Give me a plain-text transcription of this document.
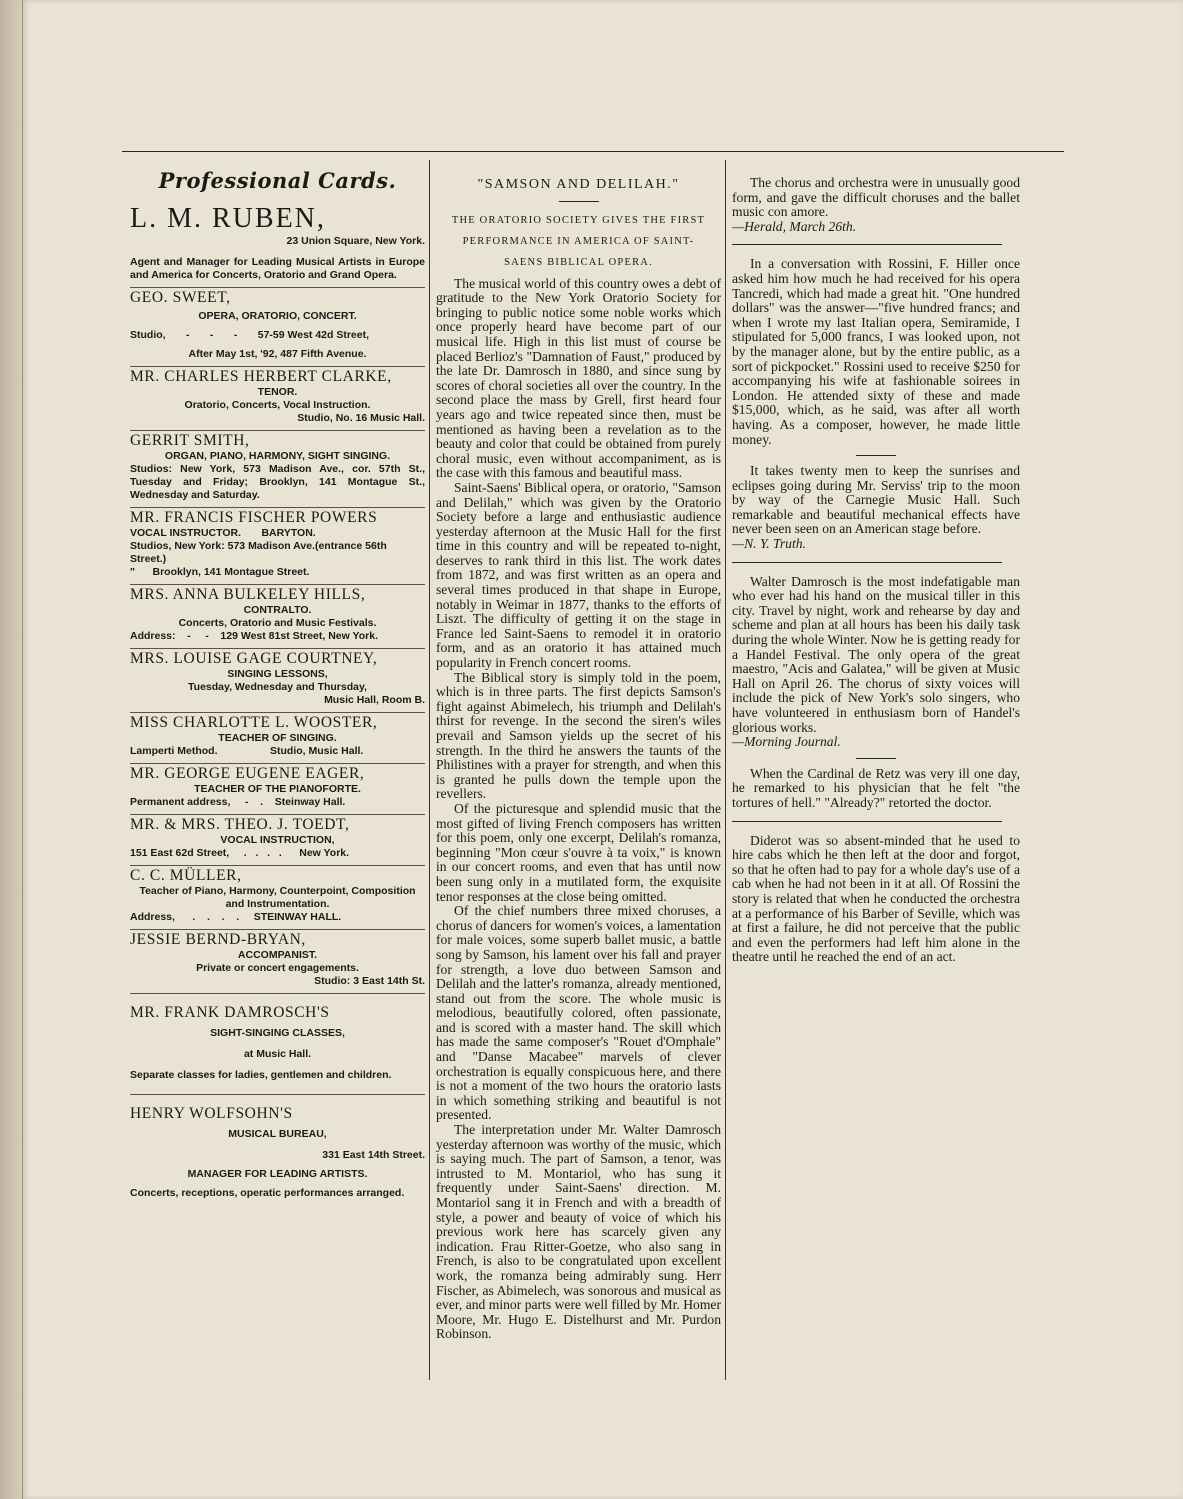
Professional Cards.
L. M. RUBEN,
23 Union Square, New York.
Agent and Manager for Leading Musical Artists in Europe and America for Concerts, Oratorio and Grand Opera.
GEO. SWEET,
OPERA, ORATORIO, CONCERT.
Studio,       -       -       -       57-59 West 42d Street,
After May 1st, '92, 487 Fifth Avenue.
MR. CHARLES HERBERT CLARKE,
TENOR.
Oratorio, Concerts, Vocal Instruction.
Studio, No. 16 Music Hall.
GERRIT SMITH,
ORGAN, PIANO, HARMONY, SIGHT SINGING.
Studios: New York, 573 Madison Ave., cor. 57th St., Tuesday and Friday; Brooklyn, 141 Montague St., Wednesday and Saturday.
MR. FRANCIS FISCHER POWERS
VOCAL INSTRUCTOR.       BARYTON.
Studios, New York: 573 Madison Ave.(entrance 56th Street.)
"      Brooklyn, 141 Montague Street.
MRS. ANNA BULKELEY HILLS,
CONTRALTO.
Concerts, Oratorio and Music Festivals.
Address:    -     -    129 West 81st Street, New York.
MRS. LOUISE GAGE COURTNEY,
SINGING LESSONS,
Tuesday, Wednesday and Thursday,
Music Hall, Room B.
MISS CHARLOTTE L. WOOSTER,
TEACHER OF SINGING.
Lamperti Method.                  Studio, Music Hall.
MR. GEORGE EUGENE EAGER,
TEACHER OF THE PIANOFORTE.
Permanent address,     -    .    Steinway Hall.
MR. & MRS. THEO. J. TOEDT,
VOCAL INSTRUCTION,
151 East 62d Street,     .   .   .   .      New York.
C. C. MÜLLER,
Teacher of Piano, Harmony, Counterpoint, Composition and Instrumentation.
Address,      .    .    .    .     STEINWAY HALL.
JESSIE BERND-BRYAN,
ACCOMPANIST.
Private or concert engagements.
Studio: 3 East 14th St.
MR. FRANK DAMROSCH'S
SIGHT-SINGING CLASSES,
at Music Hall.
Separate classes for ladies, gentlemen and children.
HENRY WOLFSOHN'S
MUSICAL BUREAU,
331 East 14th Street.
MANAGER FOR LEADING ARTISTS.
Concerts, receptions, operatic performances arranged.

"SAMSON AND DELILAH."

THE ORATORIO SOCIETY GIVES THE FIRST PERFORMANCE IN AMERICA OF SAINT-SAENS BIBLICAL OPERA.

The musical world of this country owes a debt of gratitude to the New York Oratorio Society for bringing to public notice some noble works which once properly heard have become part of our musical life. High in this list must of course be placed Berlioz's "Damnation of Faust," produced by the late Dr. Damrosch in 1880, and since sung by scores of choral societies all over the country. In the second place the mass by Grell, first heard four years ago and twice repeated since then, must be mentioned as having been a revelation as to the beauty and color that could be obtained from purely choral music, even without accompaniment, as is the case with this famous and beautiful mass.

Saint-Saens' Biblical opera, or oratorio, "Samson and Delilah," which was given by the Oratorio Society before a large and enthusiastic audience yesterday afternoon at the Music Hall for the first time in this country and will be repeated to-night, deserves to rank third in this list. The work dates from 1872, and was first written as an opera and several times produced in that shape in Europe, notably in Weimar in 1877, thanks to the efforts of Liszt. The difficulty of getting it on the stage in France led Saint-Saens to remodel it in oratorio form, and as an oratorio it has attained much popularity in French concert rooms.

The Biblical story is simply told in the poem, which is in three parts. The first depicts Samson's fight against Abimelech, his triumph and Delilah's thirst for revenge. In the second the siren's wiles prevail and Samson yields up the secret of his strength. In the third he answers the taunts of the Philistines with a prayer for strength, and when this is granted he pulls down the temple upon the revellers.

Of the picturesque and splendid music that the most gifted of living French composers has written for this poem, only one excerpt, Delilah's romanza, beginning "Mon cœur s'ouvre à ta voix," is known in our concert rooms, and even that has until now been sung only in a mutilated form, the exquisite tenor responses at the close being omitted.

Of the chief numbers three mixed choruses, a chorus of dancers for women's voices, a lamentation for male voices, some superb ballet music, a battle song by Samson, his lament over his fall and prayer for strength, a love duo between Samson and Delilah and the latter's romanza, already mentioned, stand out from the score. The whole music is melodious, beautifully colored, often passionate, and is scored with a master hand. The skill which has made the same composer's "Rouet d'Omphale" and "Danse Macabee" marvels of clever orchestration is equally conspicuous here, and there is not a moment of the two hours the oratorio lasts in which something striking and beautiful is not presented.

The interpretation under Mr. Walter Damrosch yesterday afternoon was worthy of the music, which is saying much. The part of Samson, a tenor, was intrusted to M. Montariol, who has sung it frequently under Saint-Saens' direction. M. Montariol sang it in French and with a breadth of style, a power and beauty of voice of which his previous work here has scarcely given any indication. Frau Ritter-Goetze, who also sang in French, is also to be congratulated upon excellent work, the romanza being admirably sung. Herr Fischer, as Abimelech, was sonorous and musical as ever, and minor parts were well filled by Mr. Homer Moore, Mr. Hugo E. Distelhurst and Mr. Purdon Robinson.

The chorus and orchestra were in unusually good form, and gave the difficult choruses and the ballet music con amore.

—Herald, March 26th.

In a conversation with Rossini, F. Hiller once asked him how much he had received for his opera Tancredi, which had made a great hit. "One hundred dollars" was the answer—"five hundred francs; and when I wrote my last Italian opera, Semiramide, I stipulated for 5,000 francs, I was looked upon, not by the manager alone, but by the entire public, as a sort of pickpocket." Rossini used to receive $250 for accompanying his wife at fashionable soirees in London. He attended sixty of these and made $15,000, which, as he said, was after all worth having. As a composer, however, he made little money.

It takes twenty men to keep the sunrises and eclipses going during Mr. Serviss' trip to the moon by way of the Carnegie Music Hall. Such remarkable and beautiful mechanical effects have never been seen on an American stage before.

—N. Y. Truth.

Walter Damrosch is the most indefatigable man who ever had his hand on the musical tiller in this city. Travel by night, work and rehearse by day and scheme and plan at all hours has been his daily task during the whole Winter. Now he is getting ready for a Handel Festival. The only opera of the great maestro, "Acis and Galatea," will be given at Music Hall on April 26. The chorus of sixty voices will include the pick of New York's solo singers, who have volunteered in enthusiasm born of Handel's glorious works.

—Morning Journal.

When the Cardinal de Retz was very ill one day, he remarked to his physician that he felt "the tortures of hell." "Already?" retorted the doctor.

Diderot was so absent-minded that he used to hire cabs which he then left at the door and forgot, so that he often had to pay for a whole day's use of a cab when he had not been in it at all. Of Rossini the story is related that when he conducted the orchestra at a performance of his Barber of Seville, which was at first a failure, he did not perceive that the public and even the performers had left him alone in the theatre until he reached the end of an act.
